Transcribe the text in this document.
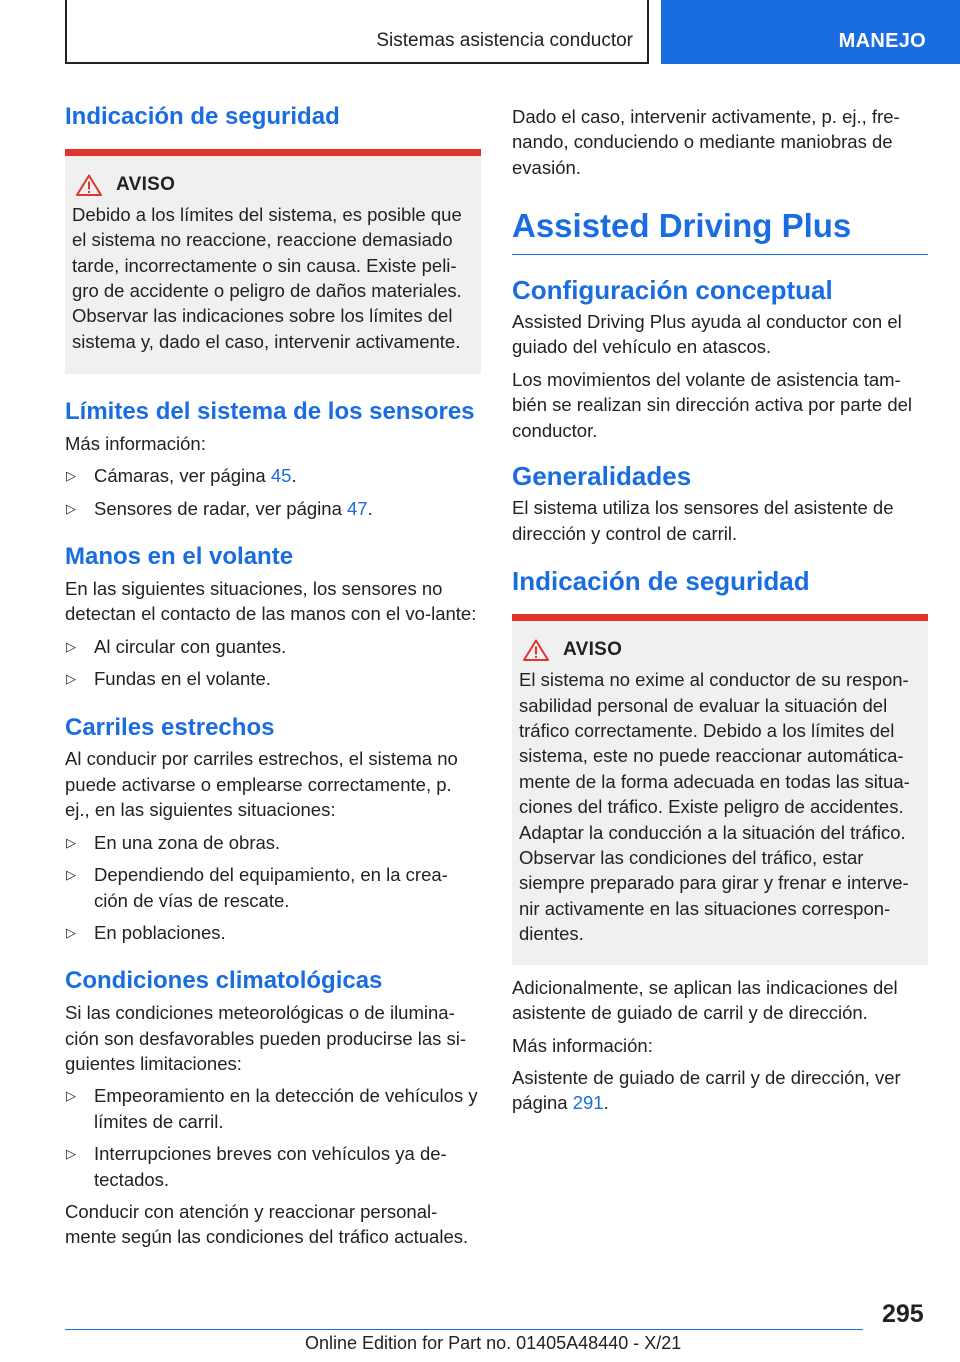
Sistemas asistencia conductor	MANEJO
Indicación de seguridad
AVISO

Debido a los límites del sistema, es posible que el sistema no reaccione, reaccione demasiado tarde, incorrectamente o sin causa. Existe peli-gro de accidente o peligro de daños materiales. Observar las indicaciones sobre los límites del sistema y, dado el caso, intervenir activamente.

Límites del sistema de los sensores

Más información:

▷ Cámaras, ver página 45.
▷ Sensores de radar, ver página 47.
Manos en el volante

En las siguientes situaciones, los sensores no detectan el contacto de las manos con el vo-lante:

▷ Al circular con guantes.
▷ Fundas en el volante.
Carriles estrechos

Al conducir por carriles estrechos, el sistema no puede activarse o emplearse correctamente, p. ej., en las siguientes situaciones:

▷ En una zona de obras.
▷ Dependiendo del equipamiento, en la crea-ción de vías de rescate.
▷ En poblaciones.
Condiciones climatológicas

Si las condiciones meteorológicas o de ilumina-ción son desfavorables pueden producirse las si-guientes limitaciones:

▷ Empeoramiento en la detección de vehículos y límites de carril.
▷ Interrupciones breves con vehículos ya de-tectados.

Conducir con atención y reaccionar personal-mente según las condiciones del tráfico actuales.

Dado el caso, intervenir activamente, p. ej., fre-nando, conduciendo o mediante maniobras de evasión.

Assisted Driving Plus
Configuración conceptual

Assisted Driving Plus ayuda al conductor con el guiado del vehículo en atascos.

Los movimientos del volante de asistencia tam-bién se realizan sin dirección activa por parte del conductor.

Generalidades

El sistema utiliza los sensores del asistente de dirección y control de carril.

Indicación de seguridad
AVISO

El sistema no exime al conductor de su respon-sabilidad personal de evaluar la situación del tráfico correctamente. Debido a los límites del sistema, este no puede reaccionar automática-mente de la forma adecuada en todas las situa-ciones del tráfico. Existe peligro de accidentes. Adaptar la conducción a la situación del tráfico. Observar las condiciones del tráfico, estar siempre preparado para girar y frenar e interve-nir activamente en las situaciones correspon-dientes.

Adicionalmente, se aplican las indicaciones del asistente de guiado de carril y de dirección.

Más información:

Asistente de guiado de carril y de dirección, ver página 291.

295
Online Edition for Part no. 01405A48440 - X/21
